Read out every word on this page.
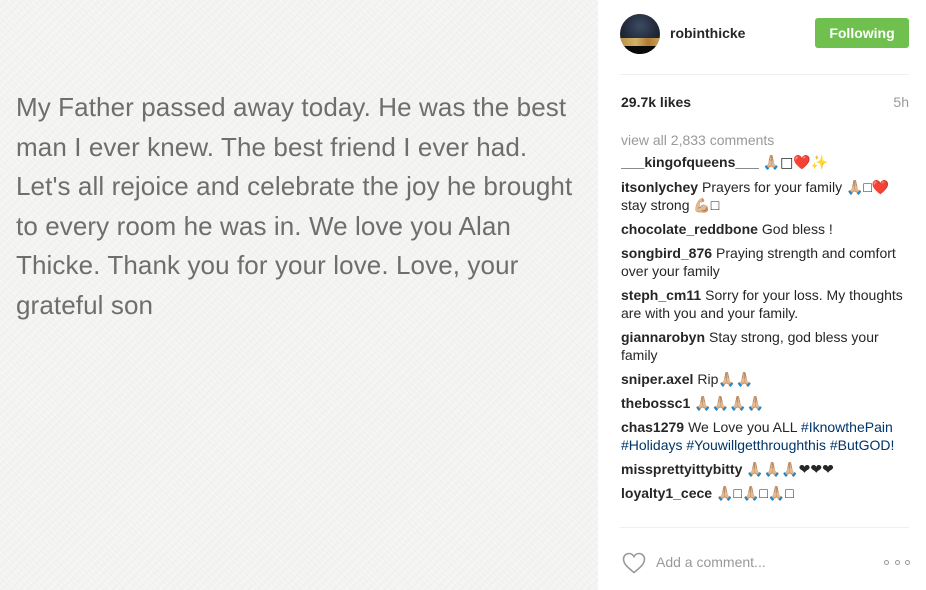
My Father passed away today. He was the best man I ever knew. The best friend I ever had. Let's all rejoice and celebrate the joy he brought to every room he was in. We love you Alan Thicke. Thank you for your love. Love, your grateful son
robinthicke	Following
29.7k likes	5h
view all 2,833 comments
___kingofqueens___ 🙏🏼□❤️✨
itsonlychey Prayers for your family 🙏🏼□❤️ stay strong 💪🏼□
chocolate_reddbone God bless !
songbird_876 Praying strength and comfort over your family
steph_cm11 Sorry for your loss. My thoughts are with you and your family.
giannarobyn Stay strong, god bless your family
sniper.axel Rip🙏🏼🙏🏼
thebossc1 🙏🏼🙏🏼🙏🏼🙏🏼
chas1279 We Love you ALL #IknowthePain #Holidays #Youwillgetthroughthis #ButGOD!
missprettyittybitty 🙏🏼🙏🏼🙏🏼❤❤❤
loyalty1_cece 🙏🏼□🙏🏼□🙏🏼□
Add a comment...
